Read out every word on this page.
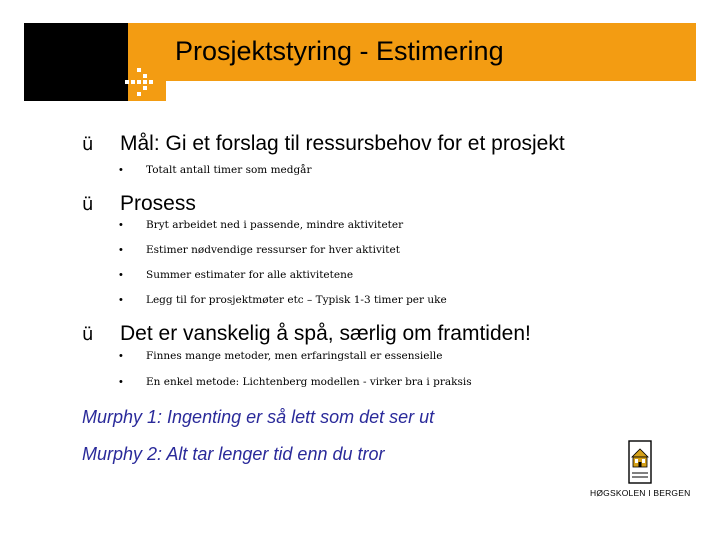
Prosjektstyring - Estimering
ü Mål: Gi et forslag til ressursbehov for et prosjekt
• Totalt antall timer som medgår
ü Prosess
• Bryt arbeidet ned i passende, mindre aktiviteter
• Estimer nødvendige ressurser for hver aktivitet
• Summer estimater for alle aktivitetene
• Legg til for prosjektmøter etc – Typisk 1-3 timer per uke
ü Det er vanskelig å spå, særlig om framtiden!
• Finnes mange metoder, men erfaringstall er essensielle
• En enkel metode: Lichtenberg modellen - virker bra i praksis
Murphy 1: Ingenting er så lett som det ser ut
Murphy 2: Alt tar lenger tid enn du tror
HØGSKOLEN I BERGEN
